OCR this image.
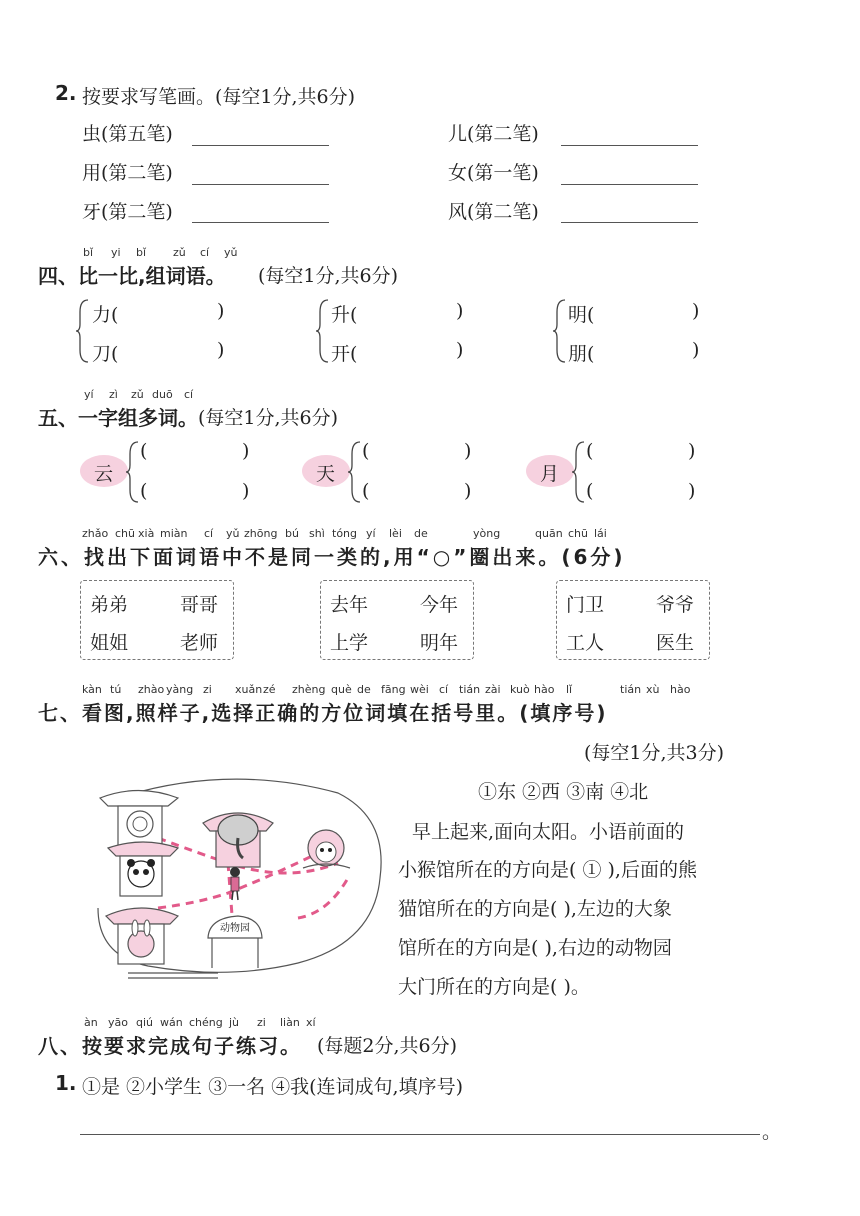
2. 按要求写笔画。(每空1分,共6分)
虫(第五笔)	儿(第二笔)
用(第二笔)	女(第一笔)
牙(第二笔)	风(第二笔)
bǐ yi bǐ zǔ cí yǔ
四、比一比,组词语。 (每空1分,共6分)
力(	)
刀(	)
升(	)
开(	)
明(	)
朋(	)
yí zì zǔ duō cí
五、一字组多词。 (每空1分,共6分)
云
(	)
(	)
天
(	)
(	)
月
(	)
(	)
zhǎo chū xià miàn cí yǔ zhōng bú shì tóng yí lèi de	yòng	quān chū lái
六、找出下面词语中不是同一类的,用“○”圈出来。(6分)
弟弟	哥哥
姐姐	老师
去年	今年
上学	明年
门卫	爷爷
工人	医生
kàn tú zhào yàng zi xuǎn zé zhèng què de fāng wèi cí tián zài kuò hào lǐ	tián xù hào
七、看图,照样子,选择正确的方位词填在括号里。(填序号)
(每空1分,共3分)
动物园
①东 ②西 ③南 ④北
早上起来,面向太阳。小语前面的
小猴馆所在的方向是( ① ),后面的熊
猫馆所在的方向是( ),左边的大象
馆所在的方向是( ),右边的动物园
大门所在的方向是( )。
àn yāo qiú wán chéng jù zi liàn xí
八、按要求完成句子练习。 (每题2分,共6分)
1. ①是 ②小学生 ③一名 ④我(连词成句,填序号)
。
